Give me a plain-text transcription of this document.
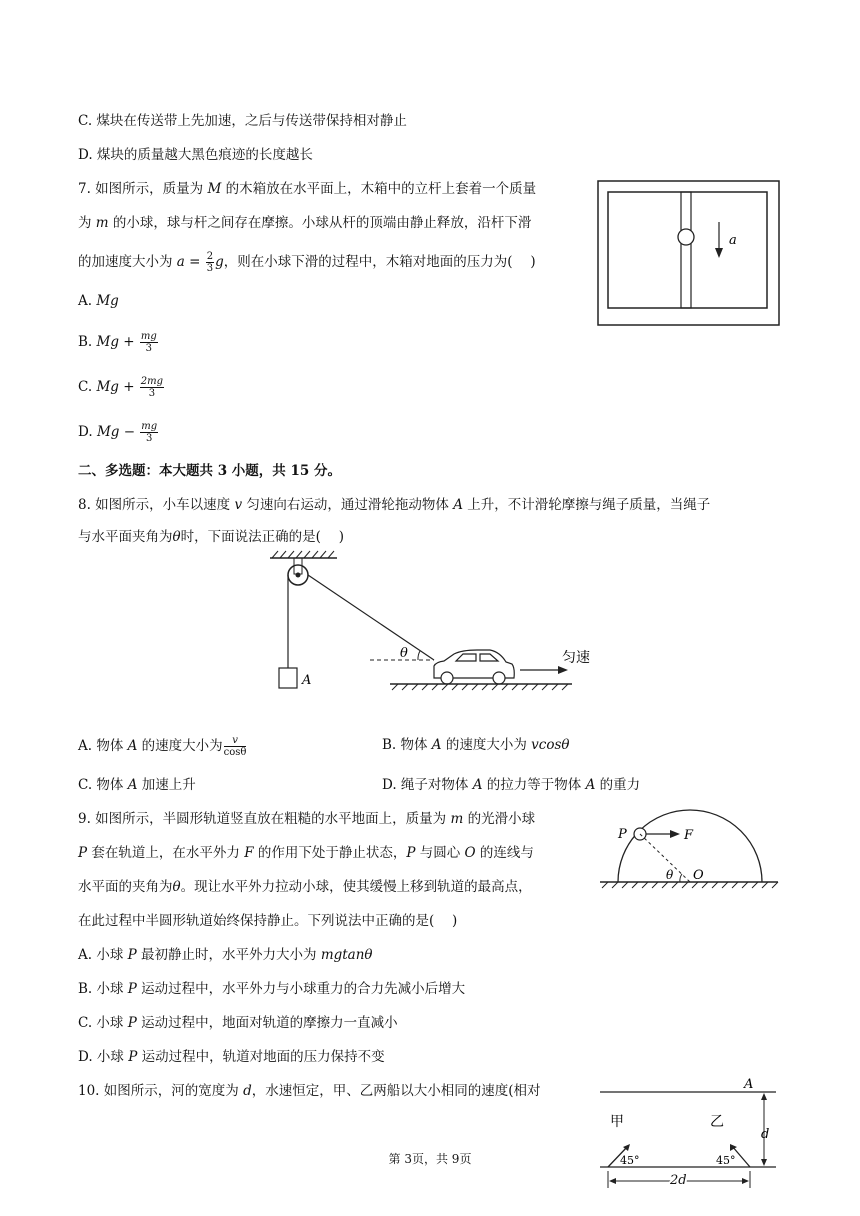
C. 煤块在传送带上先加速，之后与传送带保持相对静止
D. 煤块的质量越大黑色痕迹的长度越长
7. 如图所示，质量为 M 的木箱放在水平面上，木箱中的立杆上套着一个质量
为 m 的小球，球与杆之间存在摩擦。小球从杆的顶端由静止释放，沿杆下滑
的加速度大小为 $a = \frac{2}{3}$ g，则在小球下滑的过程中，木箱对地面的压力为(　 )
A. Mg
B. $Mg + \frac{mg}{3}$
C. $Mg + \frac{2mg}{3}$
D. $Mg - \frac{mg}{3}$
a
二、多选题：本大题共 3 小题，共 15 分。
8. 如图所示，小车以速度 v 匀速向右运动，通过滑轮拖动物体 A 上升，不计滑轮摩擦与绳子质量，当绳子
与水平面夹角为θ时，下面说法正确的是(　 )
A
θ	匀速
A. 物体 A 的速度大小为 $\frac{v}{\cos\theta}$	B. 物体 A 的速度大小为 vcosθ
C. 物体 A 加速上升	D. 绳子对物体 A 的拉力等于物体 A 的重力
9. 如图所示，半圆形轨道竖直放在粗糙的水平地面上，质量为 m 的光滑小球
P 套在轨道上，在水平外力 F 的作用下处于静止状态，P 与圆心 O 的连线与
水平面的夹角为θ。现让水平外力拉动小球，使其缓慢上移到轨道的最高点，
在此过程中半圆形轨道始终保持静止。下列说法中正确的是(　 )
P	F
θ O
A. 小球 P 最初静止时，水平外力大小为 mgtanθ
B. 小球 P 运动过程中，水平外力与小球重力的合力先减小后增大
C. 小球 P 运动过程中，地面对轨道的摩擦力一直减小
D. 小球 P 运动过程中，轨道对地面的压力保持不变
10. 如图所示，河的宽度为 d，水速恒定，甲、乙两船以大小相同的速度(相对	A
甲	乙
d
45°	45°
2d
第 3页，共 9页
